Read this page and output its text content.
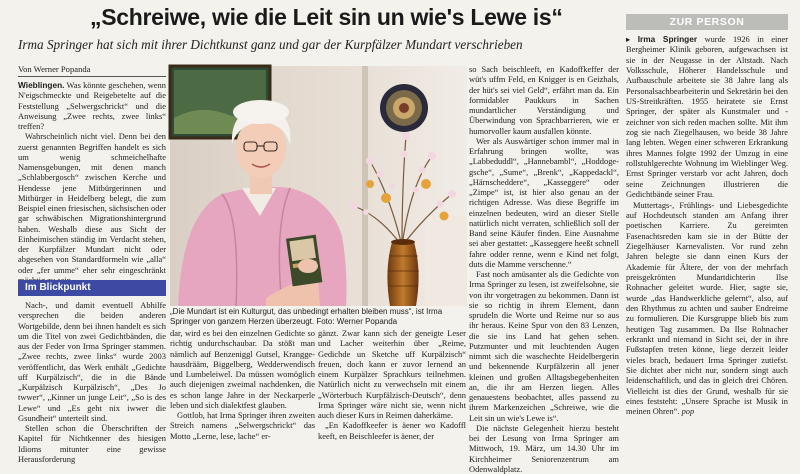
„Schreiwe, wie die Leit sin un wie's Lewe is“
Irma Springer hat sich mit ihrer Dichtkunst ganz und gar der Kurpfälzer Mundart verschrieben
Von Werner Popanda

Wieblingen. Was könnte geschehen, wenn N'eigschmeckte und Reigebetelte auf die Feststellung „Selwergschrickt“ und die Anweisung „Zwee rechts, zwee links“ treffen?

Wahrscheinlich nicht viel. Denn bei den zuerst genannten Begriffen handelt es sich um wenig schmeichelhafte Namensgebungen, mit denen manch „Schlabbergosch“ zwischen Kerche und Hendesse jene Mitbürgerinnen und Mitbürger in Heidelberg belegt, die zum Beispiel einen friesischen, sächsischen oder gar schwäbischen Migrationshintergrund haben. Weshalb diese aus Sicht der Einheimischen ständig im Verdacht stehen, der Kurpfälzer Mundart nicht oder abgesehen von Standardformeln wie „alla“ oder „fer umme“ eher sehr eingeschränkt

Im Blickpunkt

Nach-, und damit eventuell Abhilfe versprechen die beiden anderen Wortgebilde, denn bei ihnen handelt es sich um die Titel von zwei Gedichtbänden, die aus der Feder von Irma Springer stammen. „Zwee rechts, zwee links“ wurde 2003 veröffentlicht, das Werk enthält „Gedichte uff Kurpälzisch“, die in die Bände „Kurpälzisch Kurpälzisch“, „Des Jo twwer“, „Kinner un junge Leit“, „So is des Lewe“ und „Es geht nix iwwer die Gsundheit“ unterteilt sind.

Stellen schon die Überschriften der Kapitel für Nichtkenner des hiesigen Idioms mitunter eine gewisse Herausforderung

„Die Mundart ist ein Kulturgut, das unbedingt erhalten bleiben muss“, ist Irma Springer von ganzem Herzen überzeugt. Foto: Werner Popanda

dar, wird es bei den einzelnen Gedichte so richtig undurchschaubar. Da stößt man nämlich auf Benzeniggl Gutsel, Krangge-hausdrääm, Biggelberg, Wedderwendisch und Lumbeleiwel. Da müssen womöglich auch diejenigen zweimal nachdenken, die es schon lange Jahre in der Neckarperle leben und sich dialektfest glauben.

Gottlob, hat Irma Springer ihren zweiten Streich namens „Selwergschrickt“ das Motto „Lerne, lese, lache“ er-

gänzt. Zwar kann sich der geneigte Leser und Lacher weiterhin über „Reime, Gedichde un Sketche uff Kurpälzisch“ freuen, doch kann er zuvor lernend an einem Kurpälzer Sprachkurs teilnehmen. Natürlich nicht zu verwechseln mit einem „Wörterbuch Kurpfälzisch-Deutsch“, denn Irma Springer wäre nicht sie, wenn nicht auch dieser Kurs in Reimen daherkäme.

„En Kadoffkeefer is äener wo Kadoffl keeft, en Beischleefer is äener, der

so Sach beischleeft, en Kadoffkeffer der wüt's uffm Feld, en Knigger is en Geizhals, der hüt's sei viel Geld“, erfährt man da. Ein formidabler Paukkurs in Sachen mundartlicher Verständigung und Überwindung von Sprachbarrieren, wie er humorvoller kaum ausfallen könnte.

Wer als Auswärtiger schon immer mal in Erfahrung bringen wollte, was „Labbeduddl“, „Hannebambl“, „Hoddoge-gsche“, „Sume“, „Brenk“, „Kappedackl“, „Härnscheddere“, „Kasseggere“ oder „Zimpe“ ist, ist hier also genau an der richtigen Adresse. Was diese Begriffe im einzelnen bedeuten, wird an dieser Stelle natürlich nicht verraten, schließlich soll der Band seine Käufer finden. Eine Ausnahme sei aber gestattet: „Kasseggere heeßt schnell fahre odder renne, wenn e Kind net folgt, duts die Mamme verschenne.“

Fast noch amüsanter als die Gedichte von Irma Springer zu lesen, ist zweifelsohne, sie von ihr vorgetragen zu bekommen. Dann ist sie so richtig in ihrem Element, dann sprudeln die Worte und Reime nur so aus ihr heraus. Keine Spur von den 83 Lenzen, die sie ins Land hat gehen sehen. Putzmunter und mit leuchtenden Augen nimmt sich die waschechte Heidelbergerin und bekennende Kurpfälzerin all jener kleinen und großen Alltagsbegebenheiten an, die ihr am Herzen liegen. Alles genauestens beobachtet, alles passend zu ihrem Markenzeichen „Schreiwe, wie die Leit sin un wie's Lewe is“.

Die nächste Gelegenheit hierzu besteht bei der Lesung von Irma Springer am Mittwoch, 19. März, um 14.30 Uhr im Kirchheimer Seniorenzentrum am Odenwaldplatz.

ZUR PERSON

▸ Irma Springer wurde 1926 in einer Bergheimer Klinik geboren, aufgewachsen ist sie in der Neugasse in der Altstadt. Nach Volksschule, Höherer Handelsschule und Aufbauschule arbeitete sie 38 Jahre lang als Personalsachbearbeiterin und Sekretärin bei den US-Streitkräften. 1955 heiratete sie Ernst Springer, der später als Kunstmaler und -zeichner von sich reden machen sollte. Mit ihm zog sie nach Ziegelhausen, wo beide 38 Jahre lang lebten. Wegen einer schweren Erkrankung ihres Mannes folgte 1992 der Umzug in eine rollstuhlgerechte Wohnung im Wieblinger Weg. Ernst Springer verstarb vor acht Jahren, doch seine Zeichnungen illustrieren die Gedichtbände seiner Frau.

Muttertags-, Frühlings- und Liebesgedichte auf Hochdeutsch standen am Anfang ihrer poetischen Karriere. Zu gereimten Fasenachtsreden kam sie in der Bütte der Ziegelhäuser Karnevalisten. Vor rund zehn Jahren belegte sie dann einen Kurs der Akademie für Ältere, der von der mehrfach preisgekrönten Mundartdichterin Ilse Rohnacher geleitet wurde. Hier, sagte sie, wurde „das Handwerkliche gelernt“, also, auf den Rhythmus zu achten und sauber Endreime zu formulieren. Die Kursgruppe blieb bis zum heutigen Tag zusammen. Da Ilse Rohnacher erkrankt und niemand in Sicht sei, der in ihre Fußstapfen treten könne, liege derzeit leider vieles brach, bedauert Irma Springer zutiefst. Sie dichtet aber nicht nur, sondern singt auch leidenschaftlich, und das in gleich drei Chören. Vielleicht ist dies der Grund, weshalb für sie eines feststeht: „Unsere Sprache ist Musik in meinen Ohren“. pop
